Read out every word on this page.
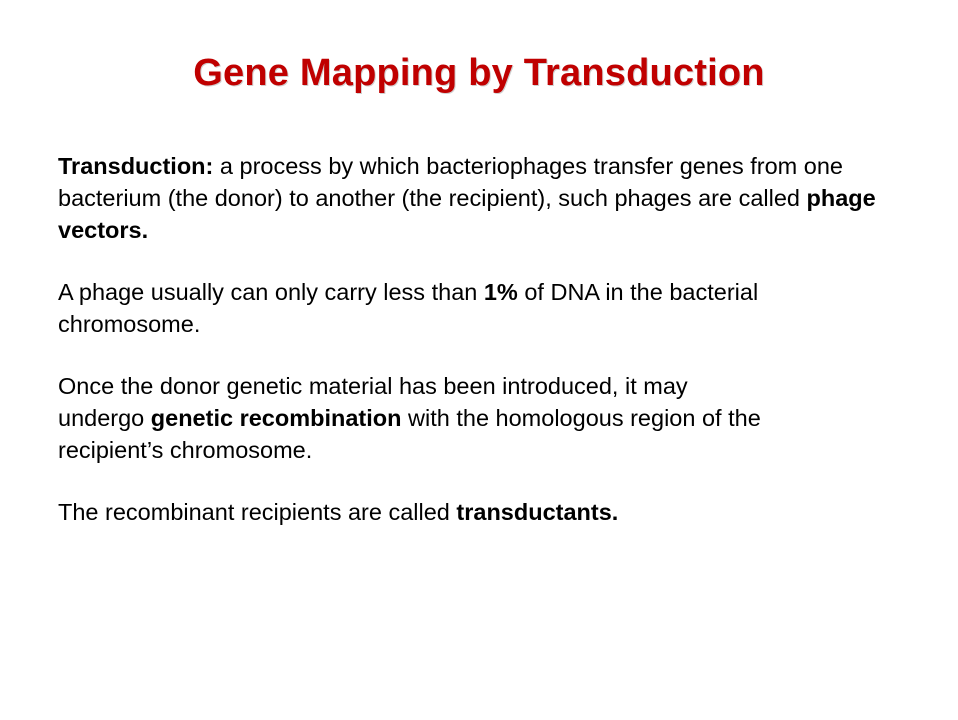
Gene Mapping by Transduction

Transduction: a process by which bacteriophages transfer genes from one bacterium (the donor) to another (the recipient), such phages are called phage vectors.

A phage usually can only carry less than 1% of DNA in the bacterial chromosome.

Once the donor genetic material has been introduced, it may undergo genetic recombination with the homologous region of the recipient’s chromosome.

The recombinant recipients are called transductants.
